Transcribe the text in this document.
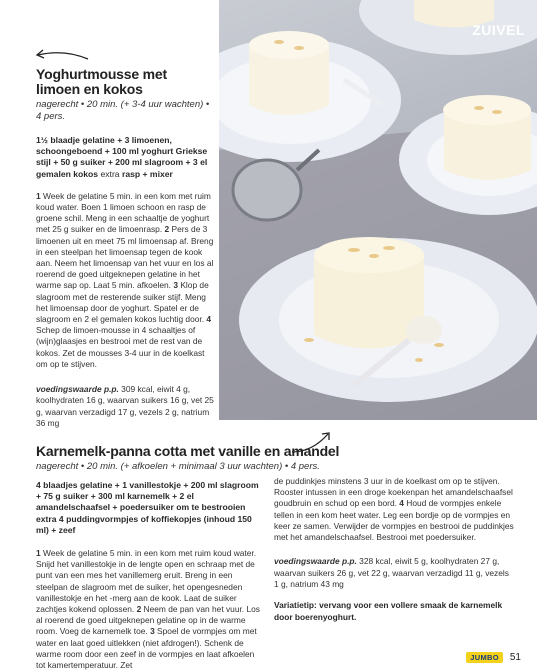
ZUIVEL
Yoghurtmousse met limoen en kokos
nagerecht • 20 min. (+ 3-4 uur wachten) • 4 pers.
1½ blaadje gelatine + 3 limoenen, schoongeboend + 100 ml yoghurt Griekse stijl + 50 g suiker + 200 ml slagroom + 3 el gemalen kokos extra rasp + mixer
1 Week de gelatine 5 min. in een kom met ruim koud water. Boen 1 limoen schoon en rasp de groene schil. Meng in een schaaltje de yoghurt met 25 g suiker en de limoenrasp. 2 Pers de 3 limoenen uit en meet 75 ml limoensap af. Breng in een steelpan het limoensap tegen de kook aan. Neem het limoensap van het vuur en los al roerend de goed uitgeknepen gelatine in het warme sap op. Laat 5 min. afkoelen. 3 Klop de slagroom met de resterende suiker stijf. Meng het limoensap door de yoghurt. Spatel er de slagroom en 2 el gemalen kokos luchtig door. 4 Schep de limoen-mousse in 4 schaaltjes of (wijn)glaasjes en bestrooi met de rest van de kokos. Zet de mousses 3-4 uur in de koelkast om op te stijven.
voedingswaarde p.p. 309 kcal, eiwit 4 g, koolhydraten 16 g, waarvan suikers 16 g, vet 25 g, waarvan verzadigd 17 g, vezels 2 g, natrium 36 mg
Karnemelk-panna cotta met vanille en amandel
nagerecht • 20 min. (+ afkoelen + minimaal 3 uur wachten) • 4 pers.
4 blaadjes gelatine + 1 vanillestokje + 200 ml slagroom + 75 g suiker + 300 ml karnemelk + 2 el amandelschaafsel + poedersuiker om te bestrooien extra 4 puddingvormpjes of koffiekopjes (inhoud 150 ml) + zeef
1 Week de gelatine 5 min. in een kom met ruim koud water. Snijd het vanillestokje in de lengte open en schraap met de punt van een mes het vanillemerg eruit. Breng in een steelpan de slagroom met de suiker, het opengesneden vanillestokje en het -merg aan de kook. Laat de suiker zachtjes kokend oplossen. 2 Neem de pan van het vuur. Los al roerend de goed uitgeknepen gelatine op in de warme room. Voeg de karnemelk toe. 3 Spoel de vormpjes om met water en laat goed uitlekken (niet afdrogen!). Schenk de warme room door een zeef in de vormpjes en laat afkoelen tot kamertemperatuur. Zet
de puddinkjes minstens 3 uur in de koelkast om op te stijven. Rooster intussen in een droge koekenpan het amandelschaafsel goudbruin en schud op een bord. 4 Houd de vormpjes enkele tellen in een kom heet water. Leg een bordje op de vormpjes en keer ze samen. Verwijder de vormpjes en bestrooi de puddinkjes met het amandelschaafsel. Bestrooi met poedersuiker.
voedingswaarde p.p. 328 kcal, eiwit 5 g, koolhydraten 27 g, waarvan suikers 26 g, vet 22 g, waarvan verzadigd 11 g, vezels 1 g, natrium 43 mg
Variatietip: vervang voor een vollere smaak de karnemelk door boerenyoghurt.
JUMBO	51
